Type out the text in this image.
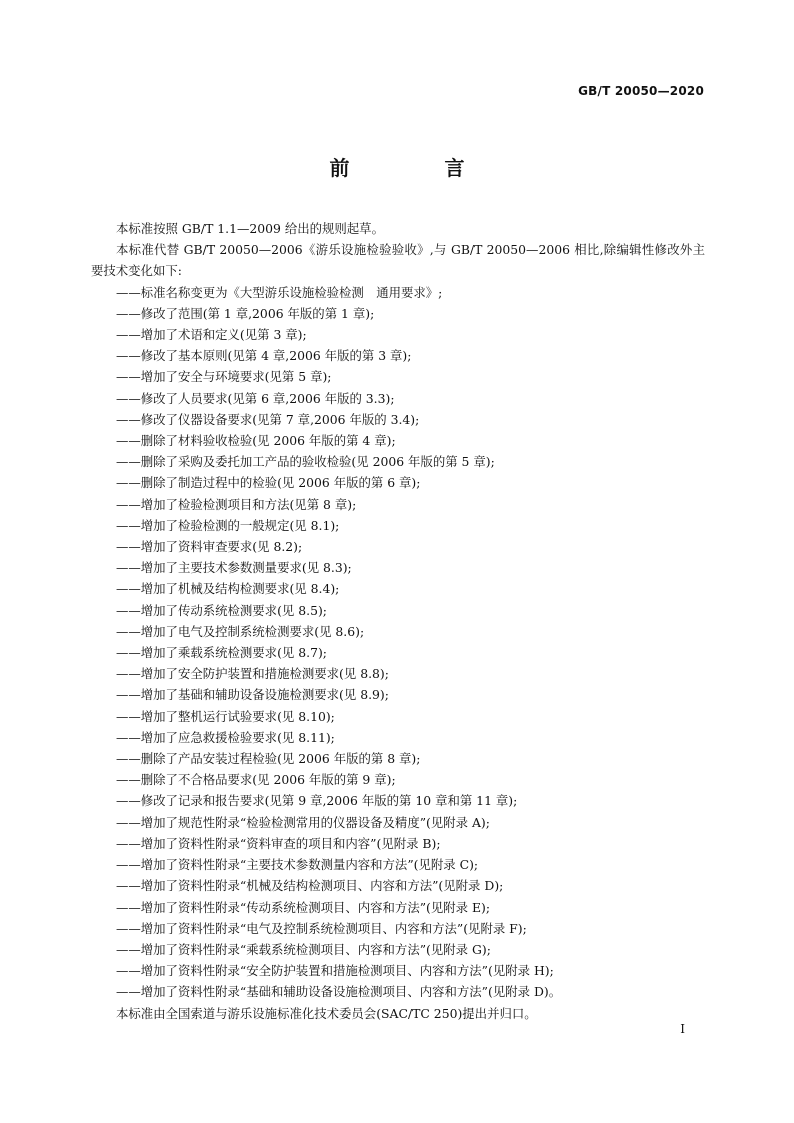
GB/T 20050—2020
前 言
本标准按照 GB/T 1.1—2009 给出的规则起草。
本标准代替 GB/T 20050—2006《游乐设施检验验收》,与 GB/T 20050—2006 相比,除编辑性修改外主要技术变化如下:
——标准名称变更为《大型游乐设施检验检测　通用要求》;
——修改了范围(第 1 章,2006 年版的第 1 章);
——增加了术语和定义(见第 3 章);
——修改了基本原则(见第 4 章,2006 年版的第 3 章);
——增加了安全与环境要求(见第 5 章);
——修改了人员要求(见第 6 章,2006 年版的 3.3);
——修改了仪器设备要求(见第 7 章,2006 年版的 3.4);
——删除了材料验收检验(见 2006 年版的第 4 章);
——删除了采购及委托加工产品的验收检验(见 2006 年版的第 5 章);
——删除了制造过程中的检验(见 2006 年版的第 6 章);
——增加了检验检测项目和方法(见第 8 章);
——增加了检验检测的一般规定(见 8.1);
——增加了资料审查要求(见 8.2);
——增加了主要技术参数测量要求(见 8.3);
——增加了机械及结构检测要求(见 8.4);
——增加了传动系统检测要求(见 8.5);
——增加了电气及控制系统检测要求(见 8.6);
——增加了乘载系统检测要求(见 8.7);
——增加了安全防护装置和措施检测要求(见 8.8);
——增加了基础和辅助设备设施检测要求(见 8.9);
——增加了整机运行试验要求(见 8.10);
——增加了应急救援检验要求(见 8.11);
——删除了产品安装过程检验(见 2006 年版的第 8 章);
——删除了不合格品要求(见 2006 年版的第 9 章);
——修改了记录和报告要求(见第 9 章,2006 年版的第 10 章和第 11 章);
——增加了规范性附录“检验检测常用的仪器设备及精度”(见附录 A);
——增加了资料性附录“资料审查的项目和内容”(见附录 B);
——增加了资料性附录“主要技术参数测量内容和方法”(见附录 C);
——增加了资料性附录“机械及结构检测项目、内容和方法”(见附录 D);
——增加了资料性附录“传动系统检测项目、内容和方法”(见附录 E);
——增加了资料性附录“电气及控制系统检测项目、内容和方法”(见附录 F);
——增加了资料性附录“乘载系统检测项目、内容和方法”(见附录 G);
——增加了资料性附录“安全防护装置和措施检测项目、内容和方法”(见附录 H);
——增加了资料性附录“基础和辅助设备设施检测项目、内容和方法”(见附录 D)。
本标准由全国索道与游乐设施标准化技术委员会(SAC/TC 250)提出并归口。
I
